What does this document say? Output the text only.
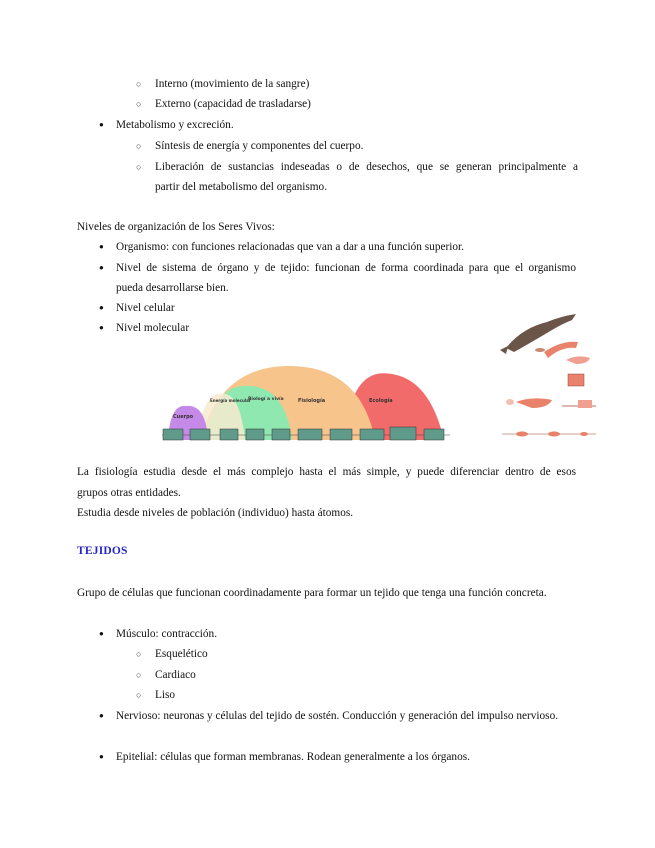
○ Interno (movimiento de la sangre)
○ Externo (capacidad de trasladarse)
● Metabolismo y excreción.
○ Síntesis de energía y componentes del cuerpo.
○ Liberación de sustancias indeseadas o de desechos, que se generan principalmente a
partir del metabolismo del organismo.
Niveles de organización de los Seres Vivos:
● Organismo: con funciones relacionadas que van a dar a una función superior.
● Nivel de sistema de órgano y de tejido: funcionan de forma coordinada para que el organismo
pueda desarrollarse bien.
● Nivel celular
● Nivel molecular
Cuerpo
Energía molecular
Biologí a vivía	Fisiología	Ecología
La fisiología estudia desde el más complejo hasta el más simple, y puede diferenciar dentro de esos
grupos otras entidades.
Estudia desde niveles de población (individuo) hasta átomos.
TEJIDOS
Grupo de células que funcionan coordinadamente para formar un tejido que tenga una función concreta.
● Músculo: contracción.
○ Esquelético
○ Cardiaco
○ Liso
● Nervioso: neuronas y células del tejido de sostén. Conducción y generación del impulso nervioso.
● Epitelial: células que forman membranas. Rodean generalmente a los órganos.
